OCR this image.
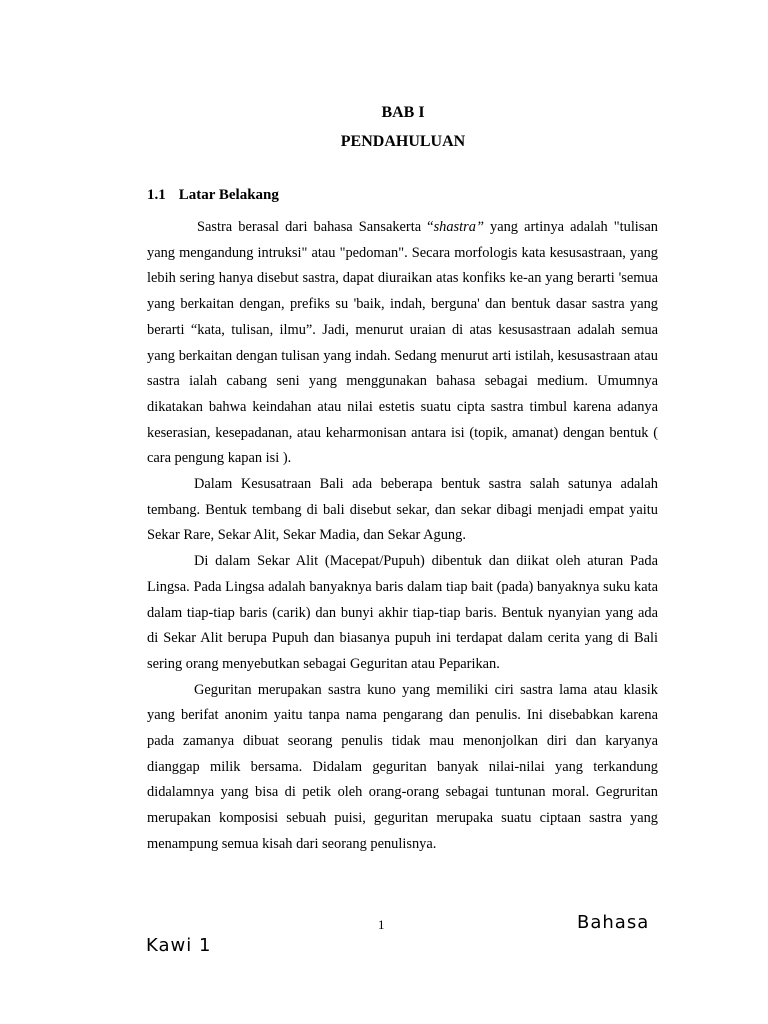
BAB I
PENDAHULUAN
1.1 Latar Belakang

Sastra berasal dari bahasa Sansakerta “shastra” yang artinya adalah "tulisan yang mengandung intruksi" atau "pedoman". Secara morfologis kata kesusastraan, yang lebih sering hanya disebut sastra, dapat diuraikan atas konfiks ke-an yang berarti 'semua yang berkaitan dengan, prefiks su 'baik, indah, berguna' dan bentuk dasar sastra yang berarti “kata, tulisan, ilmu”. Jadi, menurut uraian di atas kesusastraan adalah semua yang berkaitan dengan tulisan yang indah. Sedang menurut arti istilah, kesusastraan atau sastra ialah cabang seni yang menggunakan bahasa sebagai medium. Umumnya dikatakan bahwa keindahan atau nilai estetis suatu cipta sastra timbul karena adanya keserasian, kesepadanan, atau keharmonisan antara isi (topik, amanat) dengan bentuk ( cara pengung kapan isi ).

Dalam Kesusatraan Bali ada beberapa bentuk sastra salah satunya adalah tembang. Bentuk tembang di bali disebut sekar, dan sekar dibagi menjadi empat yaitu Sekar Rare, Sekar Alit, Sekar Madia, dan Sekar Agung.

Di dalam Sekar Alit (Macepat/Pupuh) dibentuk dan diikat oleh aturan Pada Lingsa. Pada Lingsa adalah banyaknya baris dalam tiap bait (pada) banyaknya suku kata dalam tiap-tiap baris (carik) dan bunyi akhir tiap-tiap baris. Bentuk nyanyian yang ada di Sekar Alit berupa Pupuh dan biasanya pupuh ini terdapat dalam cerita yang di Bali sering orang menyebutkan sebagai Geguritan atau Peparikan.

Geguritan merupakan sastra kuno yang memiliki ciri sastra lama atau klasik yang berifat anonim yaitu tanpa nama pengarang dan penulis. Ini disebabkan karena pada zamanya dibuat seorang penulis tidak mau menonjolkan diri dan karyanya dianggap milik bersama. Didalam geguritan banyak nilai-nilai yang terkandung didalamnya yang bisa di petik oleh orang-orang sebagai tuntunan moral. Gegruritan merupakan komposisi sebuah puisi, geguritan merupaka suatu ciptaan sastra yang menampung semua kisah dari seorang penulisnya.

1	Bahasa

Kawi 1
